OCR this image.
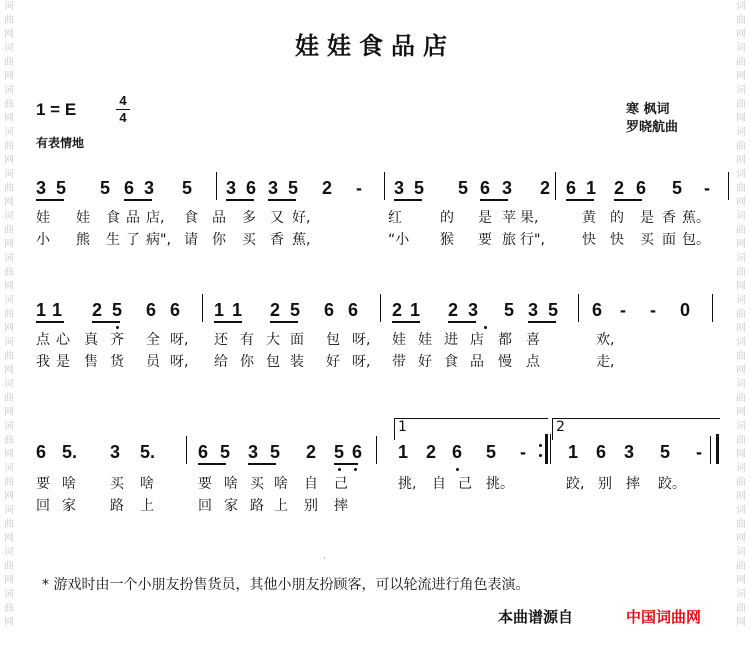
词
曲
网
词
曲
网
词
曲
网
词
曲
网
词
曲
网
词
曲
网
词
曲
网
词
曲
网
词
曲
网
词
曲
网
词
曲
网
词
曲
网
词
曲
网
词
曲
网
词
曲
网
词
曲
网
词
曲
网
词
曲
网
词
曲
网
词
曲
网
词
曲
网
词
曲
网
词
曲
网
词
曲
网
词
曲
网
词
曲
网
词
曲
网
词
曲
网
词
曲
网
词
曲
网
娃娃食品店
1 = E	4
4
有表情地
寒 枫词
罗晓航曲
3 5 5 6 3 5 3 6 3 5 2 - 3 5 5 6 3 2 6 1 2 6 5 -
娃 娃 食 品 店, 食 品 多 又 好,	红	的 是 苹 果,	黄 的 是 香 蕉。
小 熊 生 了 病", 请 你 买 香 蕉,	“小 猴 要 旅 行",	快 快 买 面 包。
1 1 2 5 6 6 1 1 2 5 6 6 2 1 2 3 5 3 5 6 - - 0
点 心 真 齐 全 呀, 还 有 大 面 包 呀, 娃 娃 进 店 都 喜	欢,
我 是 售 货 员 呀, 给 你 包 装 好 呀, 带 好 食 品 慢 点	走,
6 5. 3 5. 6 5 3 5 2 5 6 1 2 6 5 - 1 6 3 5 -
1	2
要 啥 买 啥	要 啥 买 啥 自 己	挑, 自 己 挑。	跤, 别 摔 跤。
回 家 路 上	回 家 路 上 别 摔
* 游戏时由一个小朋友扮售货员，其他小朋友扮顾客，可以轮流进行角色表演。
本曲谱源自	中国词曲网
